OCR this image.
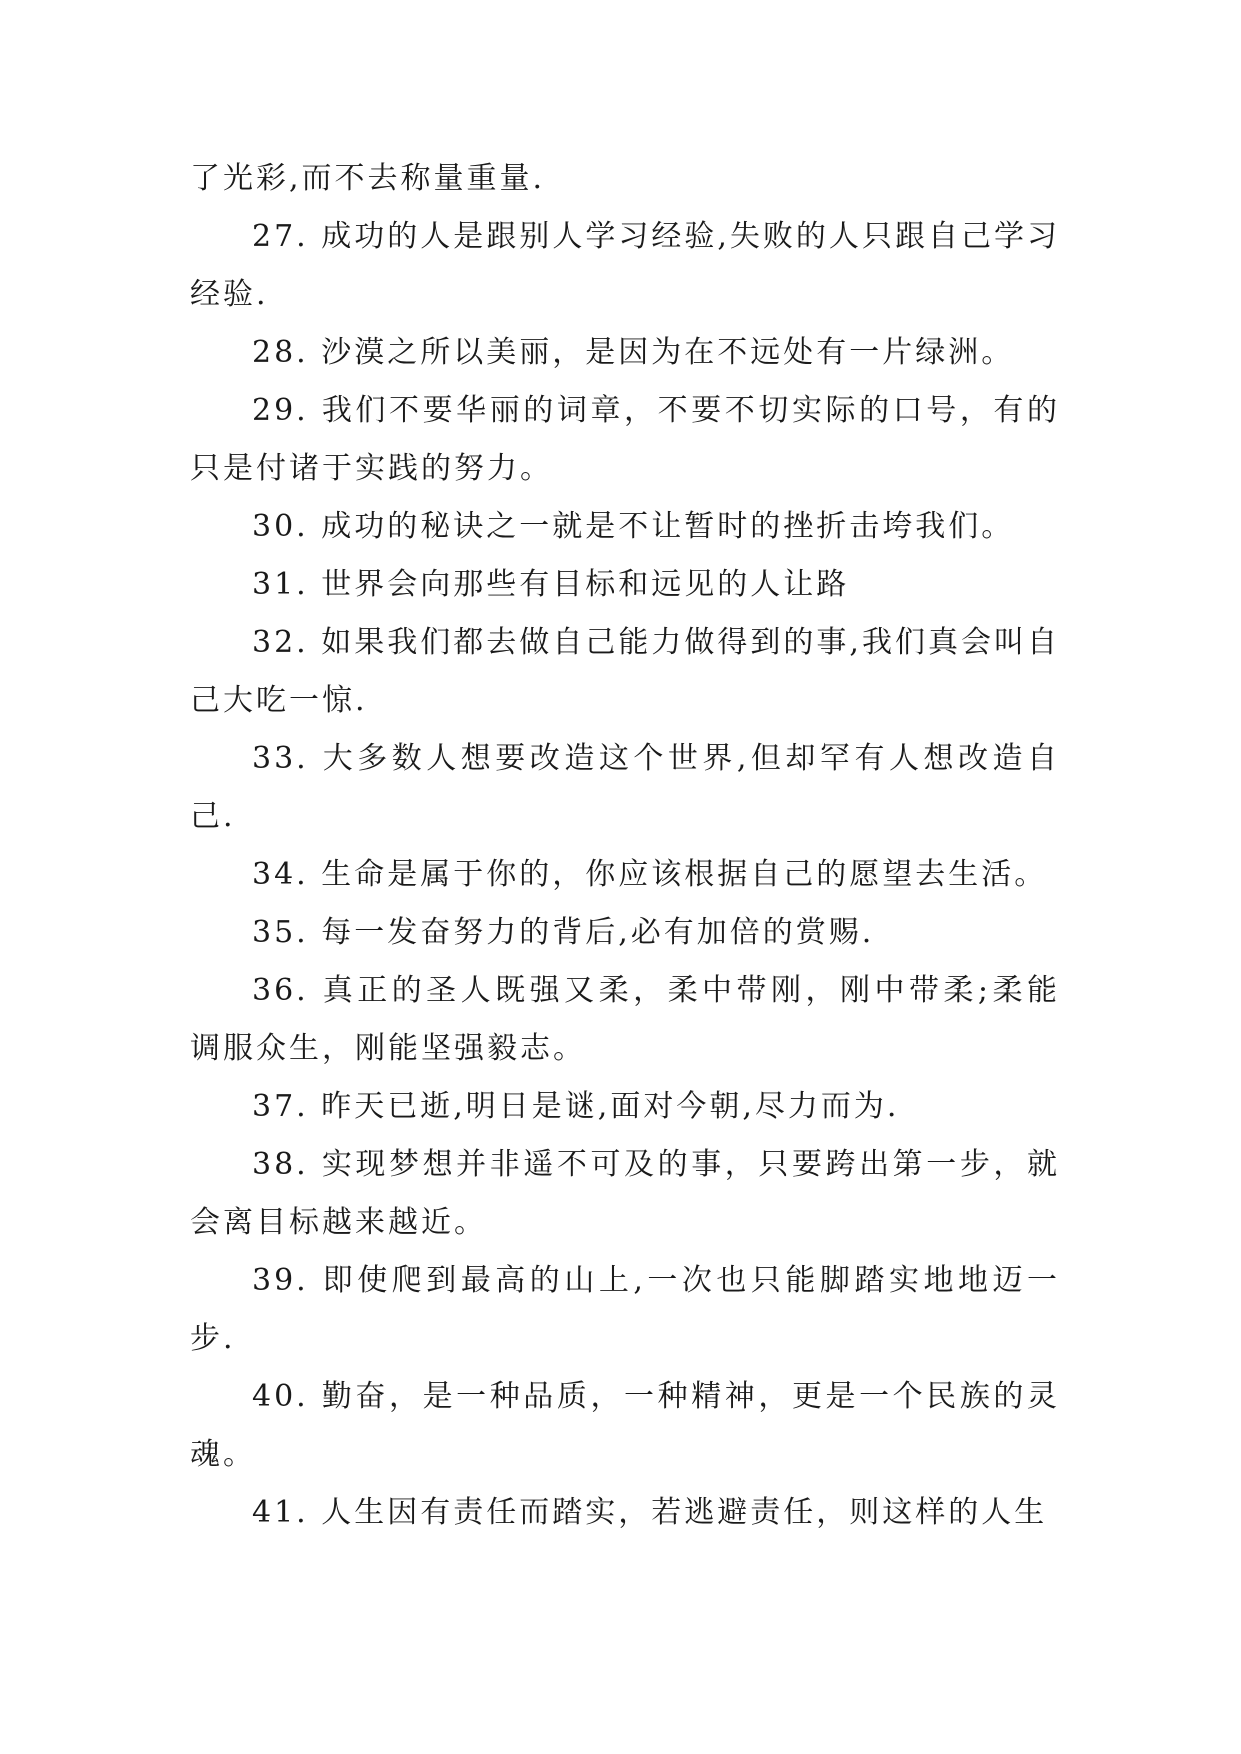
了光彩,而不去称量重量.

27. 成功的人是跟别人学习经验,失败的人只跟自己学习经验.

28. 沙漠之所以美丽，是因为在不远处有一片绿洲。

29. 我们不要华丽的词章，不要不切实际的口号，有的只是付诸于实践的努力。

30. 成功的秘诀之一就是不让暂时的挫折击垮我们。

31. 世界会向那些有目标和远见的人让路

32. 如果我们都去做自己能力做得到的事,我们真会叫自己大吃一惊.

33. 大多数人想要改造这个世界,但却罕有人想改造自己.

34. 生命是属于你的，你应该根据自己的愿望去生活。

35. 每一发奋努力的背后,必有加倍的赏赐.

36. 真正的圣人既强又柔，柔中带刚，刚中带柔;柔能调服众生，刚能坚强毅志。

37. 昨天已逝,明日是谜,面对今朝,尽力而为.

38. 实现梦想并非遥不可及的事，只要跨出第一步，就会离目标越来越近。

39. 即使爬到最高的山上,一次也只能脚踏实地地迈一步.

40. 勤奋，是一种品质，一种精神，更是一个民族的灵魂。

41. 人生因有责任而踏实，若逃避责任，则这样的人生
